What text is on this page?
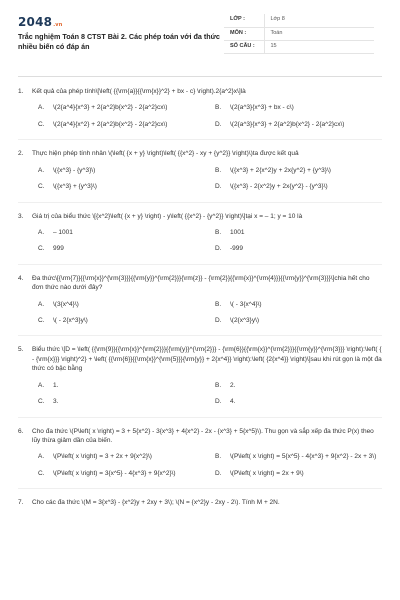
2048.vn
Trắc nghiệm Toán 8 CTST Bài 2. Các phép toán với đa thức nhiều biến có đáp án
LỚP :	Lớp 8
MÔN :	Toán
SỐ CÂU :	15
1.	Kết quả của phép tính\[\left( {{\rm{a}}{{\rm{x}}^2} + bx - c} \right).2{a^2}x\]là
A.	\(2{a^4}{x^3} + 2{a^2}b{x^2} - 2{a^2}cx\)	B.	\(2{a^3}{x^3} + bx - c\)
C.	\(2{a^4}{x^2} + 2{a^2}b{x^2} - 2{a^2}cx\)	D.	\(2{a^3}{x^3} + 2{a^2}b{x^2} - 2{a^2}cx\)
2.	Thực hiện phép tính nhân \(\left( {x + y} \right)\left( {{x^2} - xy + {y^2}} \right)\)ta được kết quả
A.	\({x^3} - {y^3}\)	B.	\({x^3} + 2{x^2}y + 2x{y^2} + {y^3}\)
C.	\({x^3} + {y^3}\)	D.	\({x^3} - 2{x^2}y + 2x{y^2} - {y^3}\)
3.	Giá trị của biểu thức \[{x^2}\left( {x + y} \right) - y\left( {{x^2} - {y^2}} \right)\]tại x = – 1; y = 10 là
A.	– 1001	B.	1001
C.	999	D.	-999
4.	Đa thức\[{\rm{7}}{{\rm{x}}^{\rm{3}}}{{\rm{y}}^{\rm{2}}}{\rm{z}} - {\rm{2}}{{\rm{x}}^{\rm{4}}}{{\rm{y}}^{\rm{3}}}\]chia hết cho đơn thức nào dưới đây?
A.	\(3{x^4}\)	B.	\( - 3{x^4}\)
C.	\( - 2{x^3}y\)	D.	\(2{x^3}y\)
5.	Biểu thức \[D = \left( {{\rm{9}}{{\rm{x}}^{\rm{2}}}{{\rm{y}}^{\rm{2}}} - {\rm{6}}{{\rm{x}}^{\rm{2}}}{{\rm{y}}^{\rm{3}}} \right):\left( { - {\rm{x}}} \right)^2} + \left( {{\rm{6}}{{\rm{x}}^{\rm{5}}}{\rm{y}} + 2{x^4}} \right):\left( {2{x^4}} \right)\]sau khi rút gọn là một đa thức có bậc bằng
A.	1.	B.	2.
C.	3.	D.	4.
6.	Cho đa thức \(P\left( x \right) = 3 + 5{x^2} - 3{x^3} + 4{x^2} - 2x - {x^3} + 5{x^5}\). Thu gọn và sắp xếp đa thức P(x) theo lũy thừa giảm dần của biến.
A.	\(P\left( x \right) = 3 + 2x + 9{x^2}\)	B.	\(P\left( x \right) = 5{x^5} - 4{x^3} + 9{x^2} - 2x + 3\)
C.	\(P\left( x \right) = 3{x^5} - 4{x^3} + 9{x^2}\)	D.	\(P\left( x \right) = 2x + 9\)
7.	Cho các đa thức \(M = 3{x^3} - {x^2}y + 2xy + 3\); \(N = {x^2}y - 2xy - 2\). Tính M + 2N.
